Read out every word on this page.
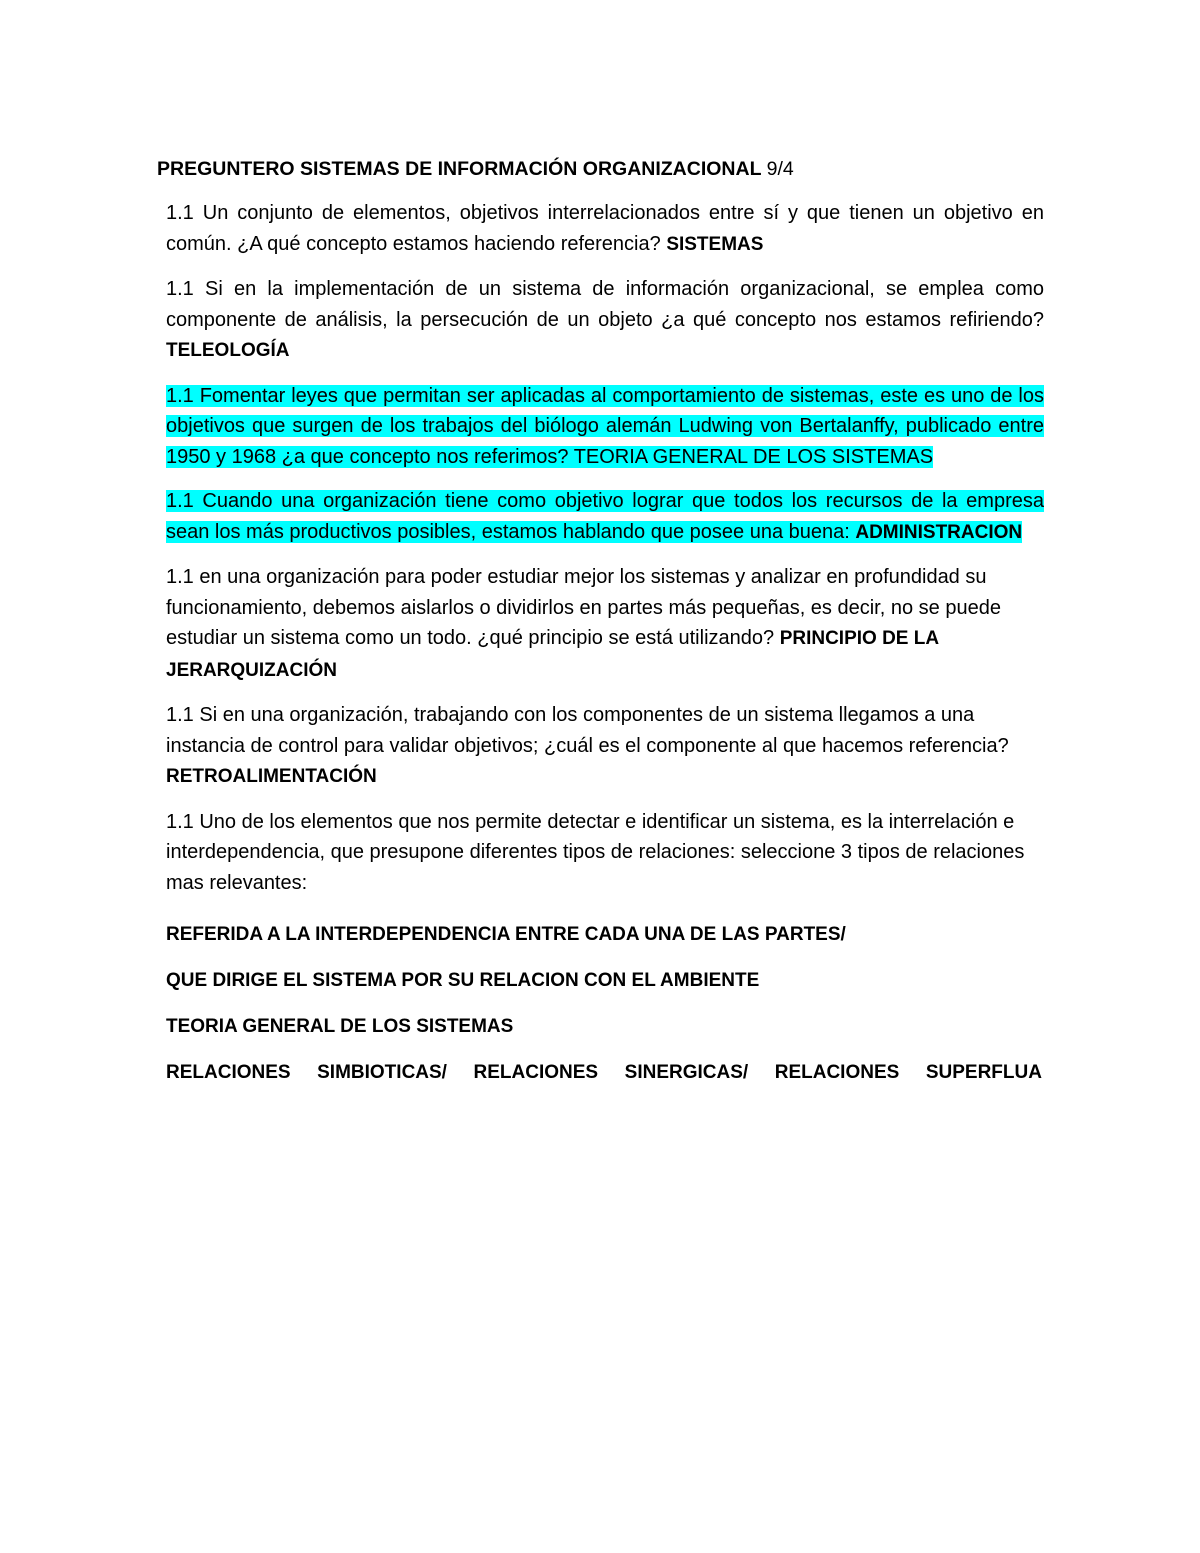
PREGUNTERO SISTEMAS DE INFORMACIÓN ORGANIZACIONAL 9/4

1.1 Un conjunto de elementos, objetivos interrelacionados entre sí y que tienen un objetivo en común. ¿A qué concepto estamos haciendo referencia? SISTEMAS

1.1 Si en la implementación de un sistema de información organizacional, se emplea como componente de análisis, la persecución de un objeto ¿a qué concepto nos estamos refiriendo? TELEOLOGÍA

1.1 Fomentar leyes que permitan ser aplicadas al comportamiento de sistemas, este es uno de los objetivos que surgen de los trabajos del biólogo alemán Ludwing von Bertalanffy, publicado entre 1950 y 1968 ¿a que concepto nos referimos? TEORIA GENERAL DE LOS SISTEMAS

1.1 Cuando una organización tiene como objetivo lograr que todos los recursos de la empresa sean los más productivos posibles, estamos hablando que posee una buena: ADMINISTRACION

1.1 en una organización para poder estudiar mejor los sistemas y analizar en profundidad su funcionamiento, debemos aislarlos o dividirlos en partes más pequeñas, es decir, no se puede estudiar un sistema como un todo. ¿qué principio se está utilizando? PRINCIPIO DE LA JERARQUIZACIÓN

1.1 Si en una organización, trabajando con los componentes de un sistema llegamos a una instancia de control para validar objetivos; ¿cuál es el componente al que hacemos referencia? RETROALIMENTACIÓN

1.1 Uno de los elementos que nos permite detectar e identificar un sistema, es la interrelación e interdependencia, que presupone diferentes tipos de relaciones: seleccione 3 tipos de relaciones mas relevantes:

REFERIDA A LA INTERDEPENDENCIA ENTRE CADA UNA DE LAS PARTES/
QUE DIRIGE EL SISTEMA POR SU RELACION CON EL AMBIENTE
TEORIA GENERAL DE LOS SISTEMAS
RELACIONES SIMBIOTICAS/ RELACIONES SINERGICAS/ RELACIONES SUPERFLUA
